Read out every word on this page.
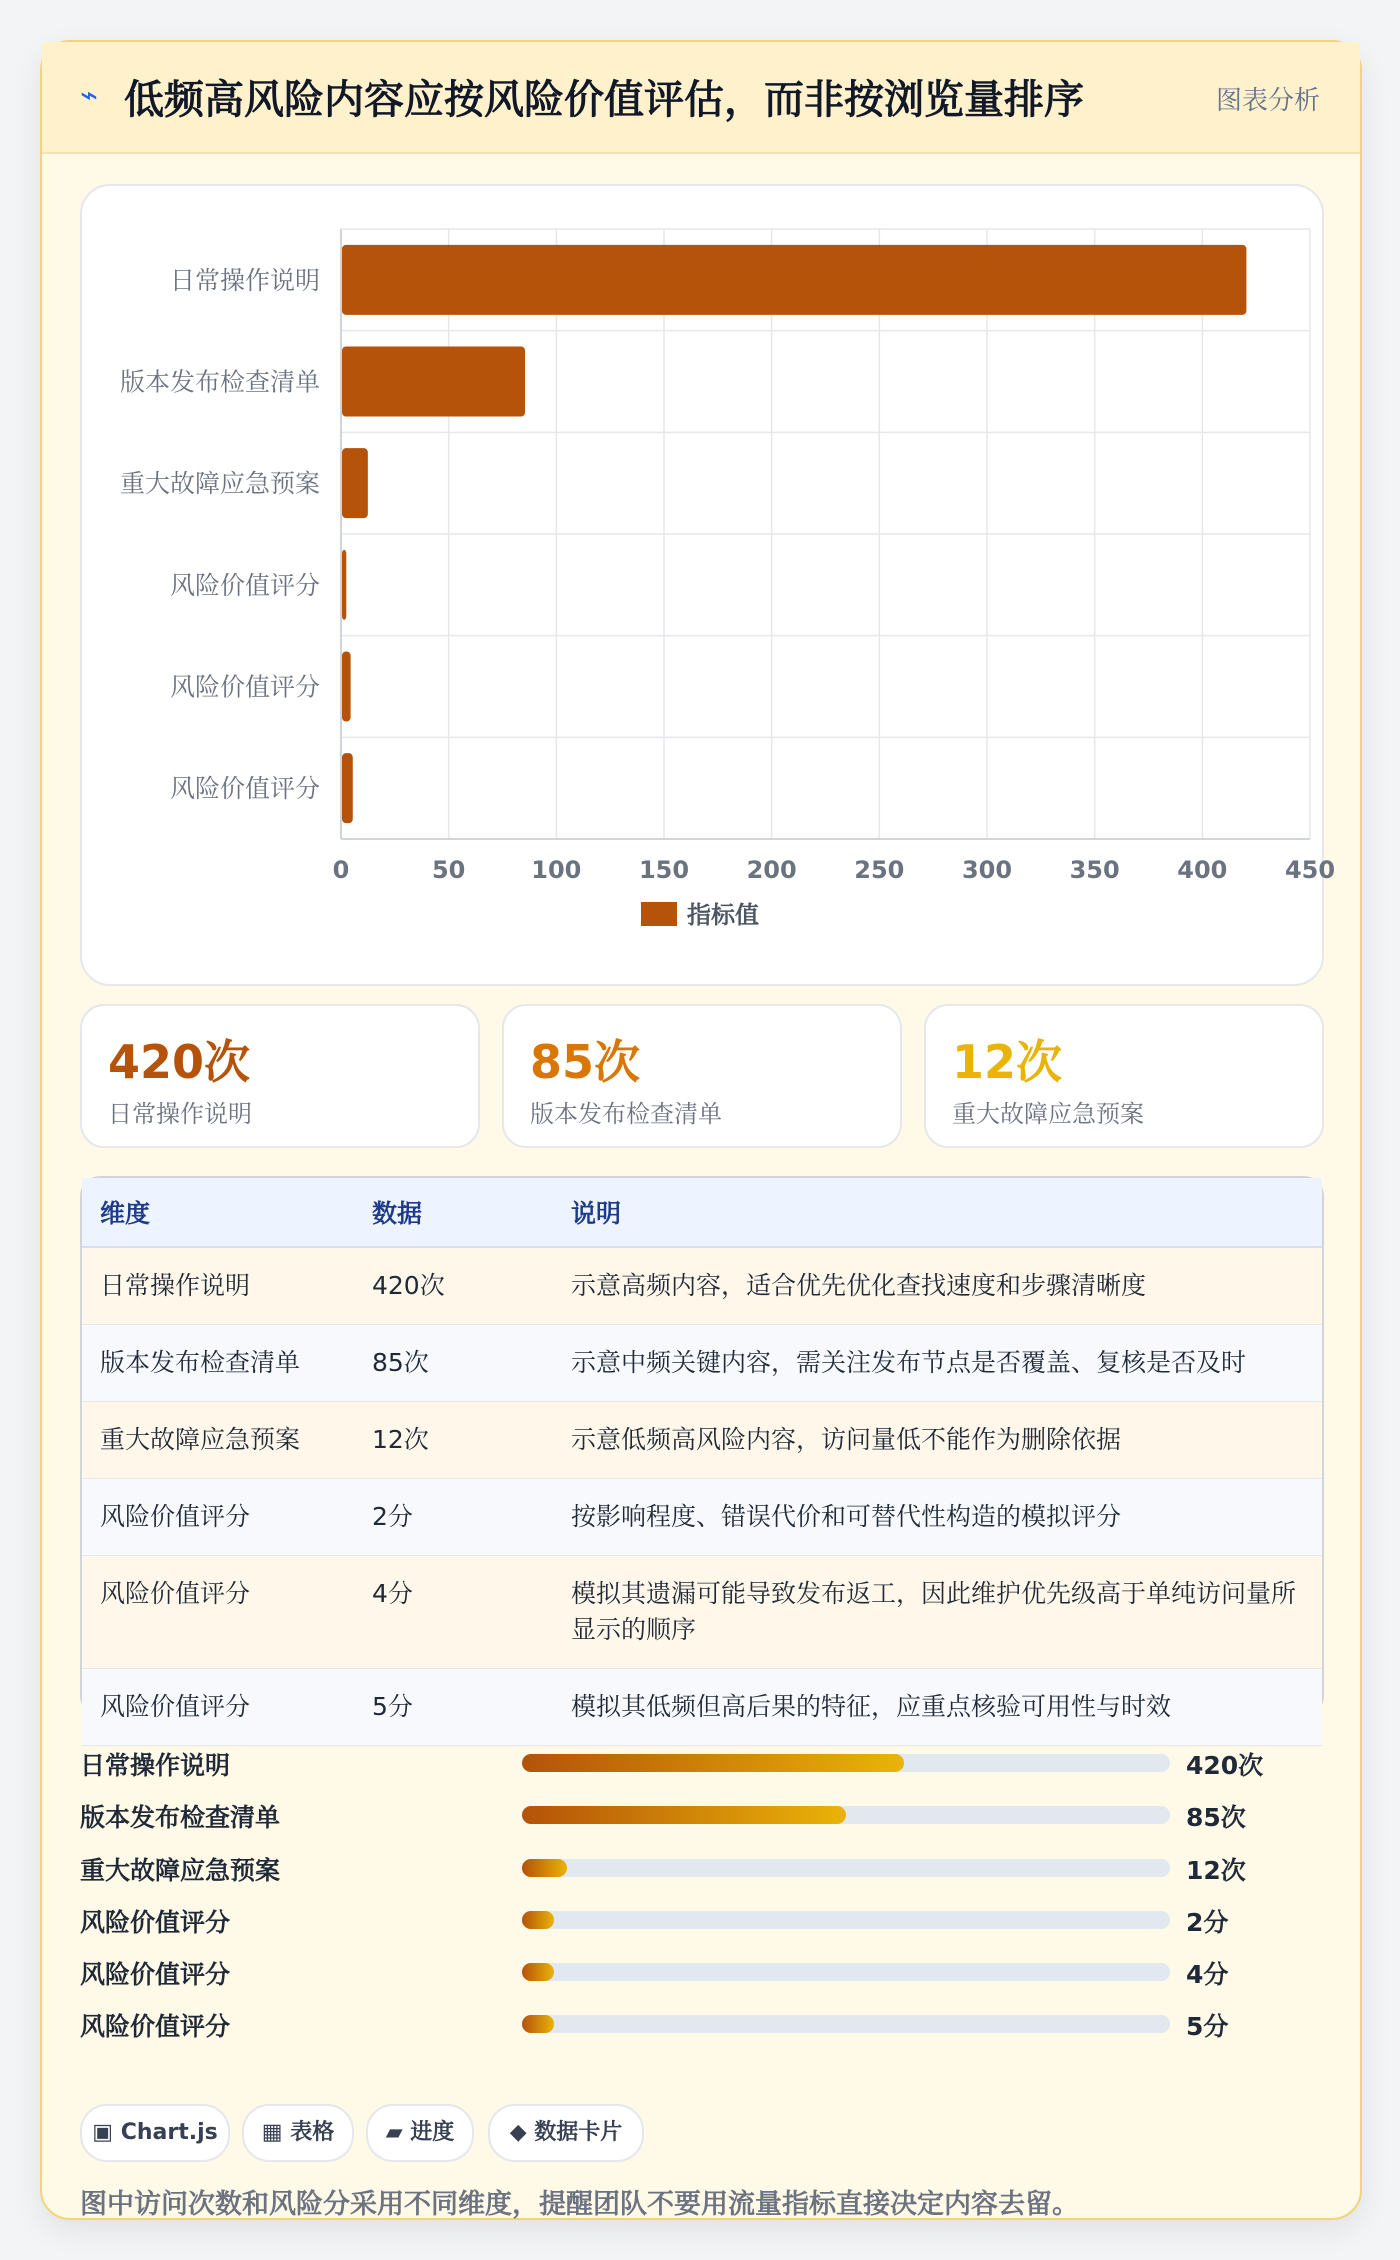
⌁ 低频高风险内容应按风险价值评估，而非按浏览量排序	图表分析
日常操作说明
版本发布检查清单
重大故障应急预案
风险价值评分
风险价值评分
风险价值评分
0	50	100 150 200 250 300 350 400 450
指标值
420次
日常操作说明
85次
版本发布检查清单
12次
重大故障应急预案
维度	数据	说明
日常操作说明	420次	示意高频内容，适合优先优化查找速度和步骤清晰度
版本发布检查清单	85次	示意中频关键内容，需关注发布节点是否覆盖、复核是否及时
重大故障应急预案	12次	示意低频高风险内容，访问量低不能作为删除依据
风险价值评分	2分	按影响程度、错误代价和可替代性构造的模拟评分
风险价值评分	4分	模拟其遗漏可能导致发布返工，因此维护优先级高于单纯访问量所显示的顺序
风险价值评分	5分	模拟其低频但高后果的特征，应重点核验可用性与时效
日常操作说明	420次
版本发布检查清单	85次
重大故障应急预案	12次
风险价值评分	2分
风险价值评分	4分
风险价值评分	5分
▣ Chart.js	▦ 表格	▰ 进度	◆ 数据卡片
图中访问次数和风险分采用不同维度，提醒团队不要用流量指标直接决定内容去留。
